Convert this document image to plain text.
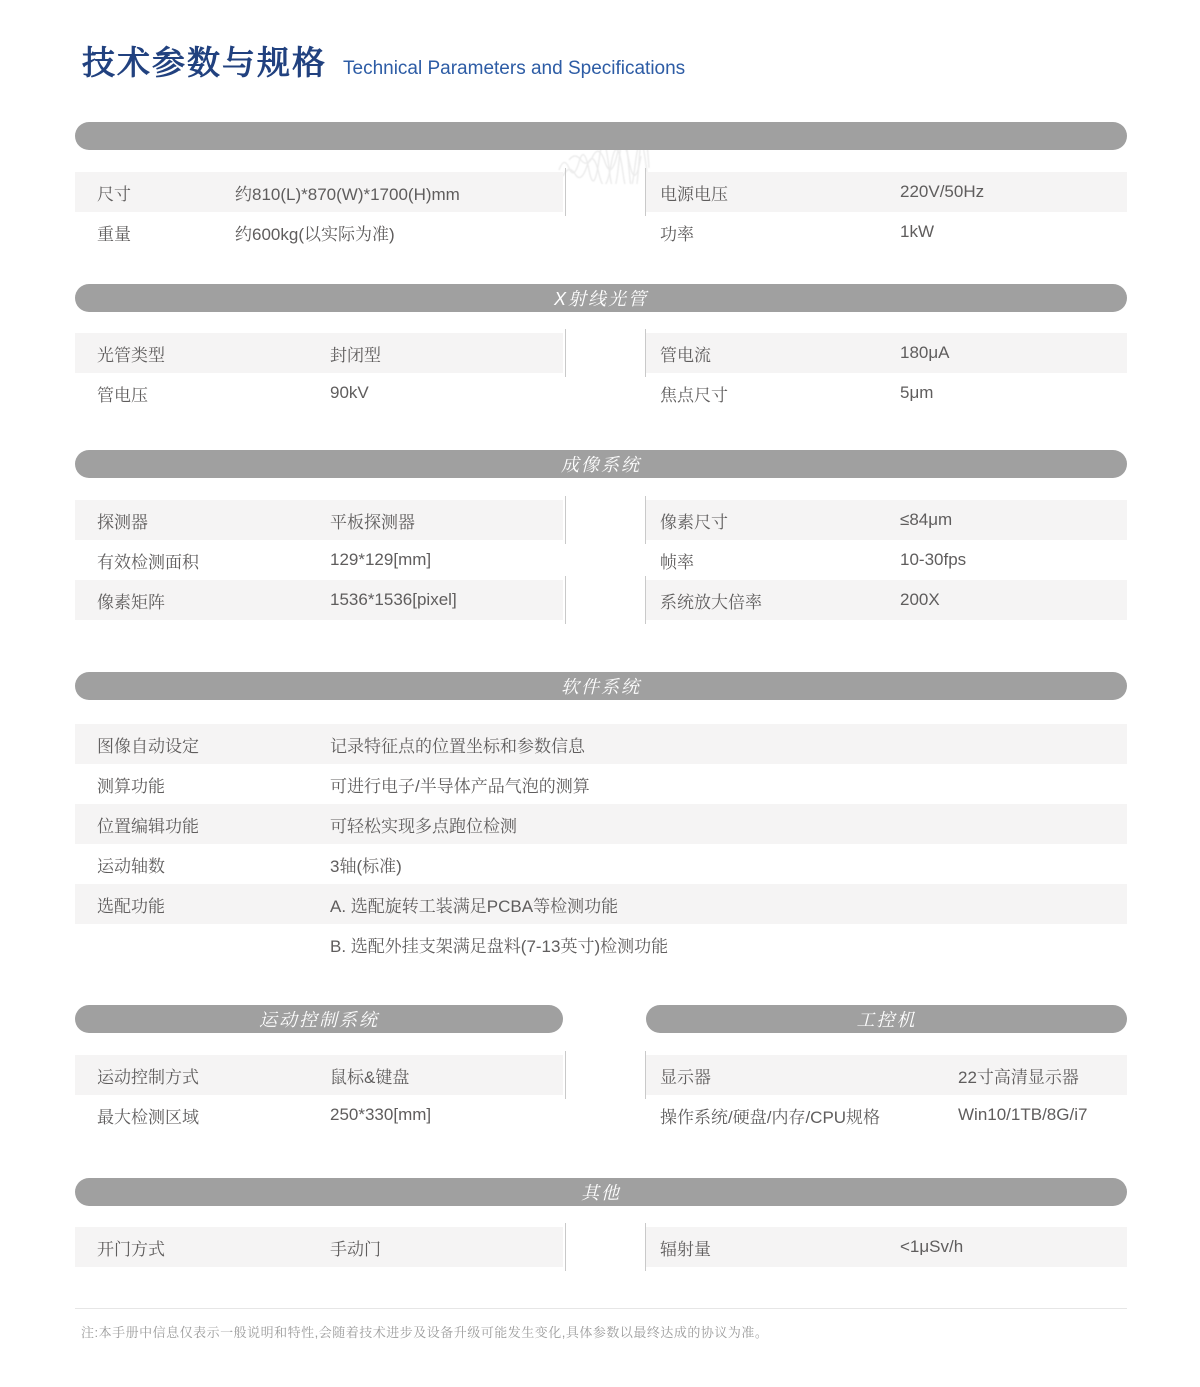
技术参数与规格 Technical Parameters and Specifications
尺寸	约810(L)*870(W)*1700(H)mm
重量	约600kg(以实际为准)
电源电压	220V/50Hz
功率	1kW
X射线光管
光管类型	封闭型
管电压	90kV
管电流	180μA
焦点尺寸	5μm
成像系统
探测器	平板探测器
有效检测面积	129*129[mm]
像素矩阵	1536*1536[pixel]
像素尺寸	≤84μm
帧率	10-30fps
系统放大倍率	200X
软件系统
图像自动设定	记录特征点的位置坐标和参数信息
测算功能	可进行电子/半导体产品气泡的测算
位置编辑功能	可轻松实现多点跑位检测
运动轴数	3轴(标准)
选配功能	A. 选配旋转工装满足PCBA等检测功能
B. 选配外挂支架满足盘料(7-13英寸)检测功能
运动控制系统
运动控制方式	鼠标&键盘
最大检测区域	250*330[mm]
工控机
显示器	22寸高清显示器
操作系统/硬盘/内存/CPU规格	Win10/1TB/8G/i7
其他
开门方式	手动门	辐射量	<1μSv/h
注:本手册中信息仅表示一般说明和特性,会随着技术进步及设备升级可能发生变化,具体参数以最终达成的协议为准。
